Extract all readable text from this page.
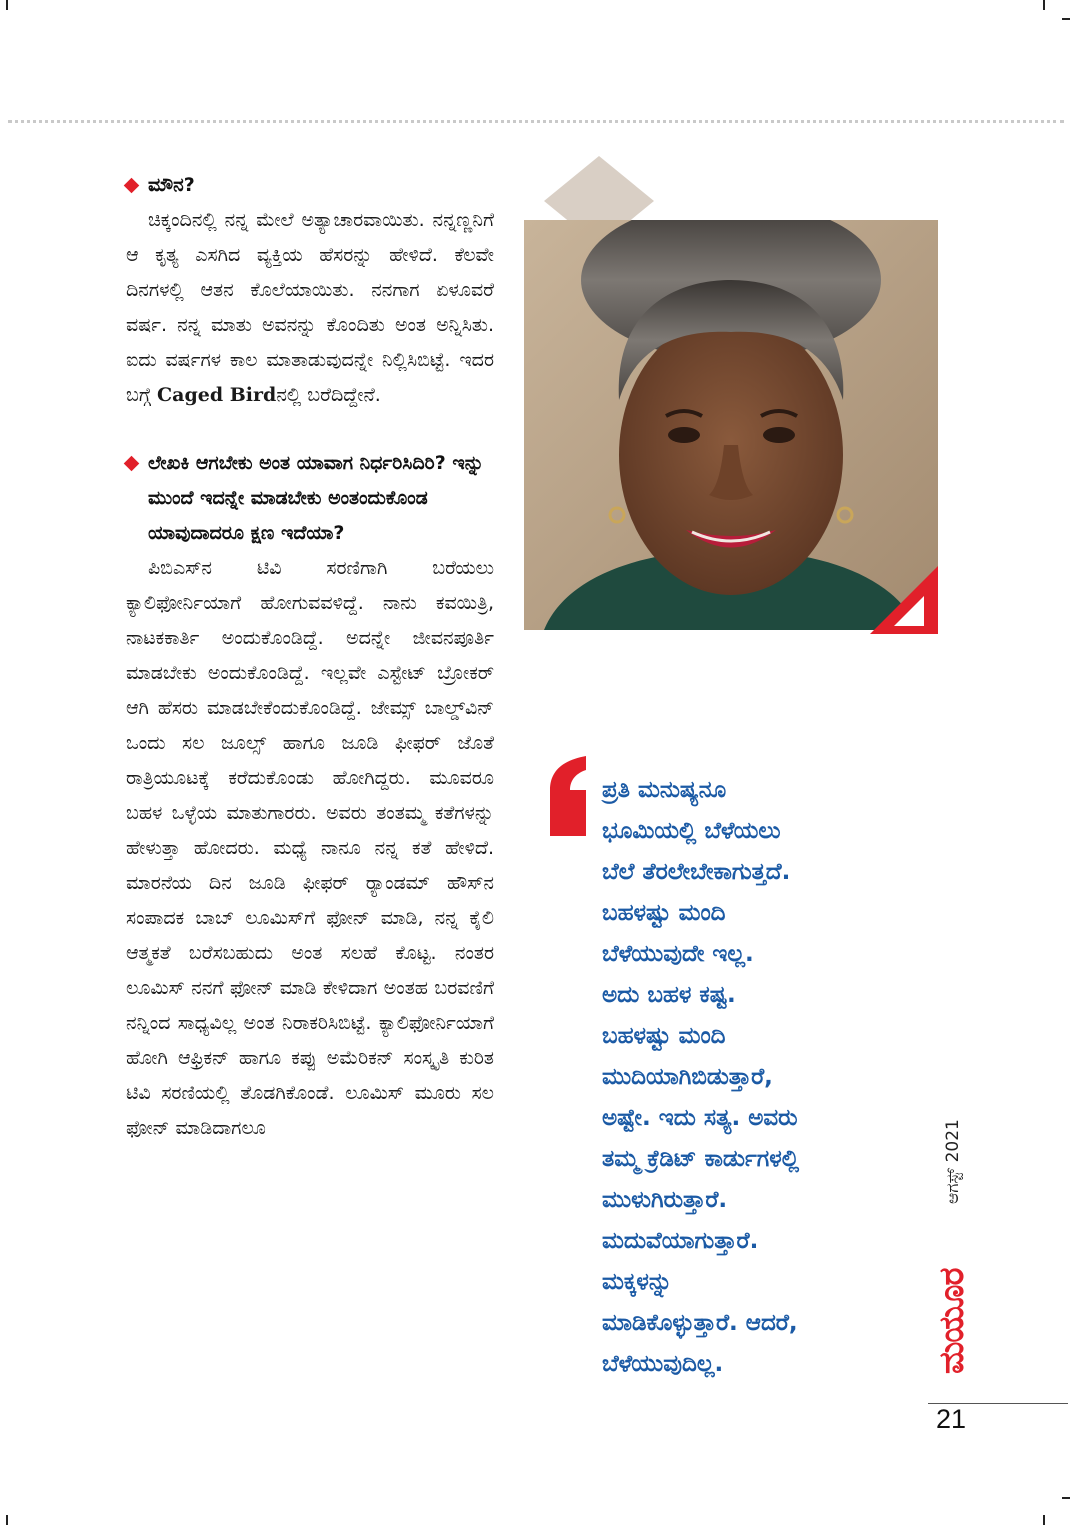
ಮೌನ?

ಚಿಕ್ಕಂದಿನಲ್ಲಿ ನನ್ನ ಮೇಲೆ ಅತ್ಯಾಚಾರವಾಯಿತು. ನನ್ನಣ್ಣನಿಗೆ ಆ ಕೃತ್ಯ ಎಸಗಿದ ವ್ಯಕ್ತಿಯ ಹೆಸರನ್ನು ಹೇಳಿದೆ. ಕೆಲವೇ ದಿನಗಳಲ್ಲಿ ಆತನ ಕೊಲೆಯಾಯಿತು. ನನಗಾಗ ಏಳೂವರೆ ವರ್ಷ. ನನ್ನ ಮಾತು ಅವನನ್ನು ಕೊಂದಿತು ಅಂತ ಅನ್ನಿಸಿತು. ಐದು ವರ್ಷಗಳ ಕಾಲ ಮಾತಾಡುವುದನ್ನೇ ನಿಲ್ಲಿಸಿಬಿಟ್ಟೆ. ಇದರ ಬಗ್ಗೆ Caged Birdನಲ್ಲಿ ಬರೆದಿದ್ದೇನೆ.

ಲೇಖಕಿ ಆಗಬೇಕು ಅಂತ ಯಾವಾಗ ನಿರ್ಧರಿಸಿದಿರಿ? ಇನ್ನು ಮುಂದೆ ಇದನ್ನೇ ಮಾಡಬೇಕು ಅಂತಂದುಕೊಂಡ ಯಾವುದಾದರೂ ಕ್ಷಣ ಇದೆಯಾ?

ಪಿಬಿಎಸ್‌ನ ಟಿವಿ ಸರಣಿಗಾಗಿ ಬರೆಯಲು ಕ್ಯಾಲಿಫೋರ್ನಿಯಾಗೆ ಹೋಗುವವಳಿದ್ದೆ. ನಾನು ಕವಯಿತ್ರಿ, ನಾಟಕಕಾರ್ತಿ ಅಂದುಕೊಂಡಿದ್ದೆ. ಅದನ್ನೇ ಜೀವನಪೂರ್ತಿ ಮಾಡಬೇಕು ಅಂದುಕೊಂಡಿದ್ದೆ. ಇಲ್ಲವೇ ಎಸ್ಟೇಟ್ ಬ್ರೋಕರ್ ಆಗಿ ಹೆಸರು ಮಾಡಬೇಕೆಂದುಕೊಂಡಿದ್ದೆ. ಜೇಮ್ಸ್ ಬಾಲ್ಡ್‌ವಿನ್ ಒಂದು ಸಲ ಜೂಲ್ಸ್ ಹಾಗೂ ಜೂಡಿ ಫೀಫರ್ ಜೊತೆ ರಾತ್ರಿಯೂಟಕ್ಕೆ ಕರೆದುಕೊಂಡು ಹೋಗಿದ್ದರು. ಮೂವರೂ ಬಹಳ ಒಳ್ಳೆಯ ಮಾತುಗಾರರು. ಅವರು ತಂತಮ್ಮ ಕತೆಗಳನ್ನು ಹೇಳುತ್ತಾ ಹೋದರು. ಮಧ್ಯೆ ನಾನೂ ನನ್ನ ಕತೆ ಹೇಳಿದೆ. ಮಾರನೆಯ ದಿನ ಜೂಡಿ ಫೀಫರ್ ರ‍್ಯಾಂಡಮ್ ಹೌಸ್‌ನ ಸಂಪಾದಕ ಬಾಬ್ ಲೂಮಿಸ್‌ಗೆ ಫೋನ್ ಮಾಡಿ, ನನ್ನ ಕೈಲಿ ಆತ್ಮಕತೆ ಬರೆಸಬಹುದು ಅಂತ ಸಲಹೆ ಕೊಟ್ಟ. ನಂತರ ಲೂಮಿಸ್ ನನಗೆ ಫೋನ್ ಮಾಡಿ ಕೇಳಿದಾಗ ಅಂತಹ ಬರವಣಿಗೆ ನನ್ನಿಂದ ಸಾಧ್ಯವಿಲ್ಲ ಅಂತ ನಿರಾಕರಿಸಿಬಿಟ್ಟೆ. ಕ್ಯಾಲಿಫೋರ್ನಿಯಾಗೆ ಹೋಗಿ ಆಫ್ರಿಕನ್ ಹಾಗೂ ಕಪ್ಪು ಅಮೆರಿಕನ್ ಸಂಸ್ಕೃತಿ ಕುರಿತ ಟಿವಿ ಸರಣಿಯಲ್ಲಿ ತೊಡಗಿಕೊಂಡೆ. ಲೂಮಿಸ್ ಮೂರು ಸಲ ಫೋನ್ ಮಾಡಿದಾಗಲೂ

ಪ್ರತಿ ಮನುಷ್ಯನೂ
ಭೂಮಿಯಲ್ಲಿ ಬೆಳೆಯಲು
ಬೆಲೆ ತೆರಲೇಬೇಕಾಗುತ್ತದೆ.
ಬಹಳಷ್ಟು ಮಂದಿ
ಬೆಳೆಯುವುದೇ ಇಲ್ಲ.
ಅದು ಬಹಳ ಕಷ್ಟ.
ಬಹಳಷ್ಟು ಮಂದಿ
ಮುದಿಯಾಗಿಬಿಡುತ್ತಾರೆ,
ಅಷ್ಟೇ. ಇದು ಸತ್ಯ. ಅವರು
ತಮ್ಮ ಕ್ರೆಡಿಟ್ ಕಾರ್ಡುಗಳಲ್ಲಿ
ಮುಳುಗಿರುತ್ತಾರೆ.
ಮದುವೆಯಾಗುತ್ತಾರೆ.
ಮಕ್ಕಳನ್ನು
ಮಾಡಿಕೊಳ್ಳುತ್ತಾರೆ. ಆದರೆ,
ಬೆಳೆಯುವುದಿಲ್ಲ.
ಆಗಸ್ಟ್ 2021
ಮಯೂರ
21
